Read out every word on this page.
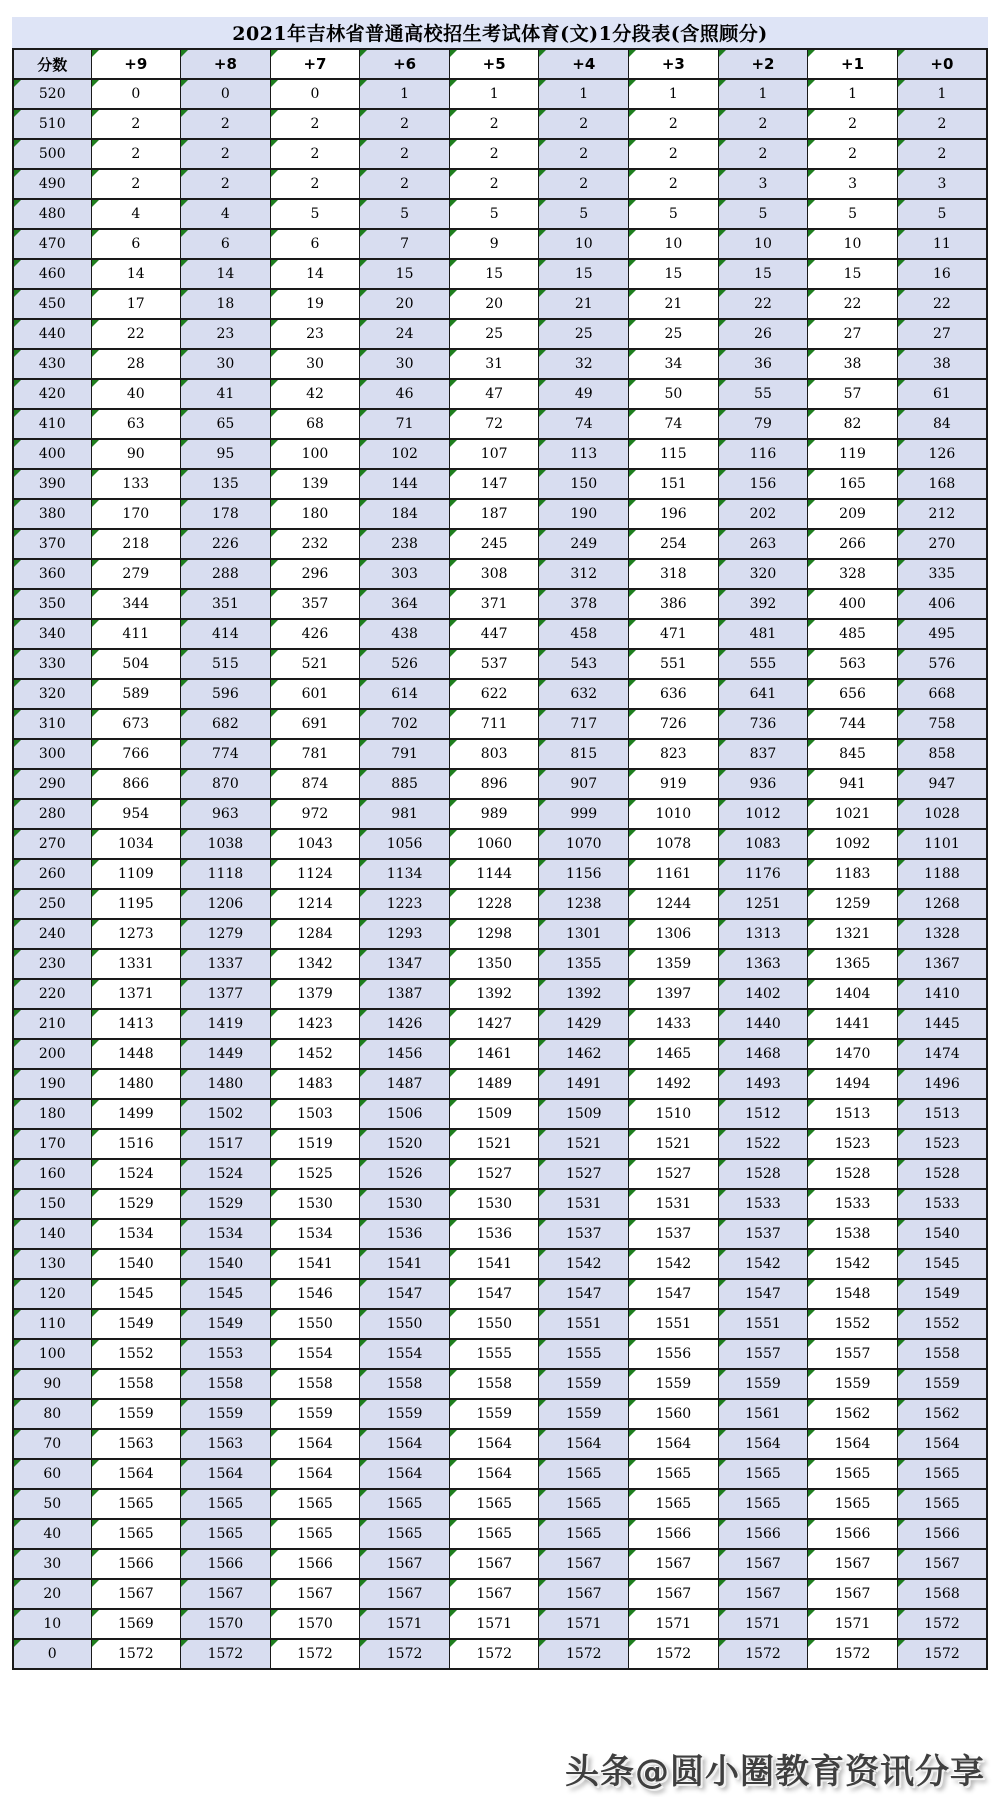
2021年吉林省普通高校招生考试体育(文)1分段表(含照顾分)
分数	+9	+8	+7	+6	+5	+4	+3	+2	+1	+0

520	0	0	0	1	1	1	1	1	1	1

510	2	2	2	2	2	2	2	2	2	2

500	2	2	2	2	2	2	2	2	2	2

490	2	2	2	2	2	2	2	3	3	3

480	4	4	5	5	5	5	5	5	5	5

470	6	6	6	7	9	10	10	10	10	11

460	14	14	14	15	15	15	15	15	15	16

450	17	18	19	20	20	21	21	22	22	22

440	22	23	23	24	25	25	25	26	27	27

430	28	30	30	30	31	32	34	36	38	38

420	40	41	42	46	47	49	50	55	57	61

410	63	65	68	71	72	74	74	79	82	84

400	90	95	100	102	107	113	115	116	119	126

390	133	135	139	144	147	150	151	156	165	168

380	170	178	180	184	187	190	196	202	209	212

370	218	226	232	238	245	249	254	263	266	270

360	279	288	296	303	308	312	318	320	328	335

350	344	351	357	364	371	378	386	392	400	406

340	411	414	426	438	447	458	471	481	485	495

330	504	515	521	526	537	543	551	555	563	576

320	589	596	601	614	622	632	636	641	656	668

310	673	682	691	702	711	717	726	736	744	758

300	766	774	781	791	803	815	823	837	845	858

290	866	870	874	885	896	907	919	936	941	947

280	954	963	972	981	989	999	1010	1012	1021	1028

270	1034	1038	1043	1056	1060	1070	1078	1083	1092	1101

260	1109	1118	1124	1134	1144	1156	1161	1176	1183	1188

250	1195	1206	1214	1223	1228	1238	1244	1251	1259	1268

240	1273	1279	1284	1293	1298	1301	1306	1313	1321	1328

230	1331	1337	1342	1347	1350	1355	1359	1363	1365	1367

220	1371	1377	1379	1387	1392	1392	1397	1402	1404	1410

210	1413	1419	1423	1426	1427	1429	1433	1440	1441	1445

200	1448	1449	1452	1456	1461	1462	1465	1468	1470	1474

190	1480	1480	1483	1487	1489	1491	1492	1493	1494	1496

180	1499	1502	1503	1506	1509	1509	1510	1512	1513	1513

170	1516	1517	1519	1520	1521	1521	1521	1522	1523	1523

160	1524	1524	1525	1526	1527	1527	1527	1528	1528	1528

150	1529	1529	1530	1530	1530	1531	1531	1533	1533	1533

140	1534	1534	1534	1536	1536	1537	1537	1537	1538	1540

130	1540	1540	1541	1541	1541	1542	1542	1542	1542	1545

120	1545	1545	1546	1547	1547	1547	1547	1547	1548	1549

110	1549	1549	1550	1550	1550	1551	1551	1551	1552	1552

100	1552	1553	1554	1554	1555	1555	1556	1557	1557	1558

90	1558	1558	1558	1558	1558	1559	1559	1559	1559	1559

80	1559	1559	1559	1559	1559	1559	1560	1561	1562	1562

70	1563	1563	1564	1564	1564	1564	1564	1564	1564	1564

60	1564	1564	1564	1564	1564	1565	1565	1565	1565	1565

50	1565	1565	1565	1565	1565	1565	1565	1565	1565	1565

40	1565	1565	1565	1565	1565	1565	1566	1566	1566	1566

30	1566	1566	1566	1567	1567	1567	1567	1567	1567	1567

20	1567	1567	1567	1567	1567	1567	1567	1567	1567	1568

10	1569	1570	1570	1571	1571	1571	1571	1571	1571	1572

0	1572	1572	1572	1572	1572	1572	1572	1572	1572	1572
头条@圆小圈教育资讯分享
